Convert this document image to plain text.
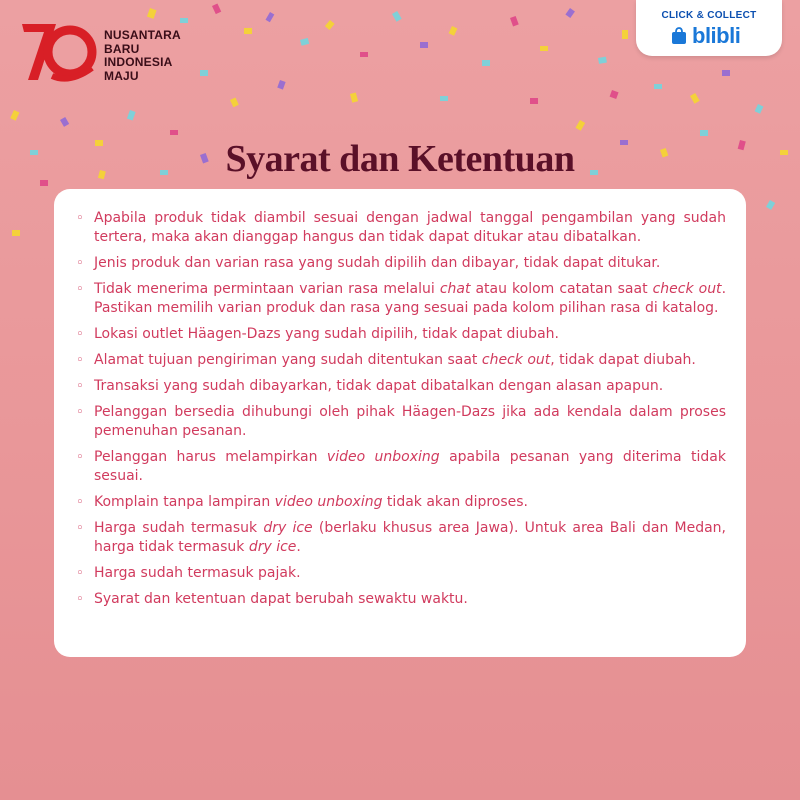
NUSANTARA
BARU
INDONESIA
MAJU
CLICK & COLLECT
blibli
Syarat dan Ketentuan
◦ Apabila produk tidak diambil sesuai dengan jadwal tanggal pengambilan yang sudah tertera, maka akan dianggap hangus dan tidak dapat ditukar atau dibatalkan.
◦ Jenis produk dan varian rasa yang sudah dipilih dan dibayar, tidak dapat ditukar.
◦ Tidak menerima permintaan varian rasa melalui chat atau kolom catatan saat check out. Pastikan memilih varian produk dan rasa yang sesuai pada kolom pilihan rasa di katalog.
◦ Lokasi outlet Häagen-Dazs yang sudah dipilih, tidak dapat diubah.
◦ Alamat tujuan pengiriman yang sudah ditentukan saat check out, tidak dapat diubah.
◦ Transaksi yang sudah dibayarkan, tidak dapat dibatalkan dengan alasan apapun.
◦ Pelanggan bersedia dihubungi oleh pihak Häagen-Dazs jika ada kendala dalam proses pemenuhan pesanan.
◦ Pelanggan harus melampirkan video unboxing apabila pesanan yang diterima tidak sesuai.
◦ Komplain tanpa lampiran video unboxing tidak akan diproses.
◦ Harga sudah termasuk dry ice (berlaku khusus area Jawa). Untuk area Bali dan Medan, harga tidak termasuk dry ice.
◦ Harga sudah termasuk pajak.
◦ Syarat dan ketentuan dapat berubah sewaktu waktu.
